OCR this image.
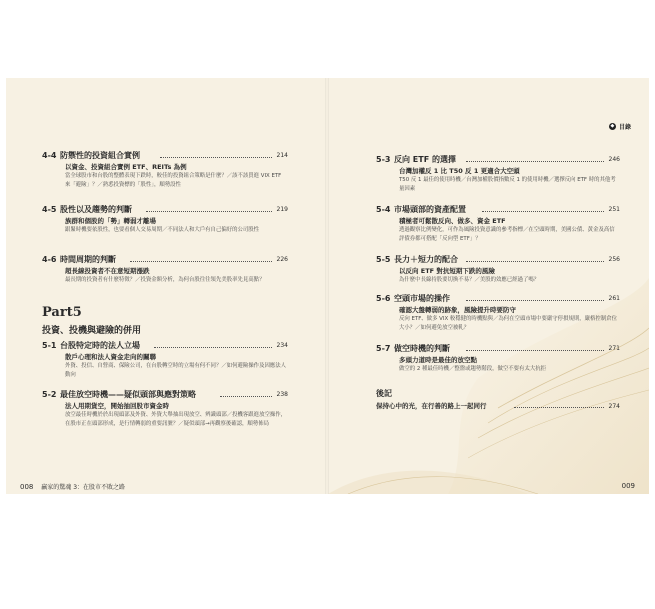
4-4 防禦性的投資組合實例	214
以資金、投資組合實例 ETF、REITs 為例
當全球股市和台股的整體表現下跌時，較佳的投資組合策略是什麼？／該不該買進 VIX ETF 來「避險」？／熟悉投資標的「股性」，順勢設性
4-5 股性以及趨勢的判斷	219
族群和個股的「勢」轉弱才離場
跟緊時機要依股性，也要看個人交易周期／不同法人和大戶有自己偏好的公司股性
4-6 時間周期的判斷	226
超長線投資者不在意短期漲跌
最長期的投資者有什麼特徵？／投資金額分析，為何台股往往領先美股率先見高點？
Part5
投資、投機與避險的併用
5-1 台股特定時的法人立場	234
散戶心理和法人資金走向的關聯
外資、投信、自營商、保險公司，在台股轉空時的立場有何不同？／如何避險操作及因應法人動向
5-2 最佳放空時機——疑似頭部與應對策略	238
法人用期貨空，開始抽回股市資金時
放空最佳時機於於出現頭部及外資、外資大舉抽出現放空、辨識頭部／投機客跟進放空操作，在股市正在頭部形成，是行情轉弱的重要訊號？／疑似頭部→再觀察後確認，順勢佈局
008 贏家的驚魂 3：在股市不敗之路
◆ 目錄
5-3 反向 ETF 的選擇	246
台灣加權反 1 比 T50 反 1 更適合大空頭
T50 反 1 最佳的使用時機／台灣加權股價指數反 1 的使用時機／選擇反向 ETF 時的其他考量因素
5-4 市場頭部的資產配置	251
積極者可鬆散反向、做多、資金 ETF
透過觀察比例變化，可作為風險投資意識的參考指標／在空頭時期，美國公債、黃金及高信評債券都可搭配「反向型 ETF」？
5-5 長力＋短力的配合	256
以反向 ETF 對抗短期下跌的風險
為什麼中長線持股要切換不易？／美股的效應已經過了嗎？
5-6 空頭市場的操作	261
確認大盤轉弱的跡象，風險提升時要防守
反向 ETF、做多 VIX 較穩健的時機點與／為何在空頭市場中要嚴守停損規則，嚴格控制倉位大小？／如何避免放空被軋？
5-7 做空時機的判斷	271
多頭力道時是最佳的放空點
做空的 2 種最佳時機／整盤或趨勢階段，做空不要有太大抗拒
後記
保持心中的光，在行善的路上一起同行	274
009
